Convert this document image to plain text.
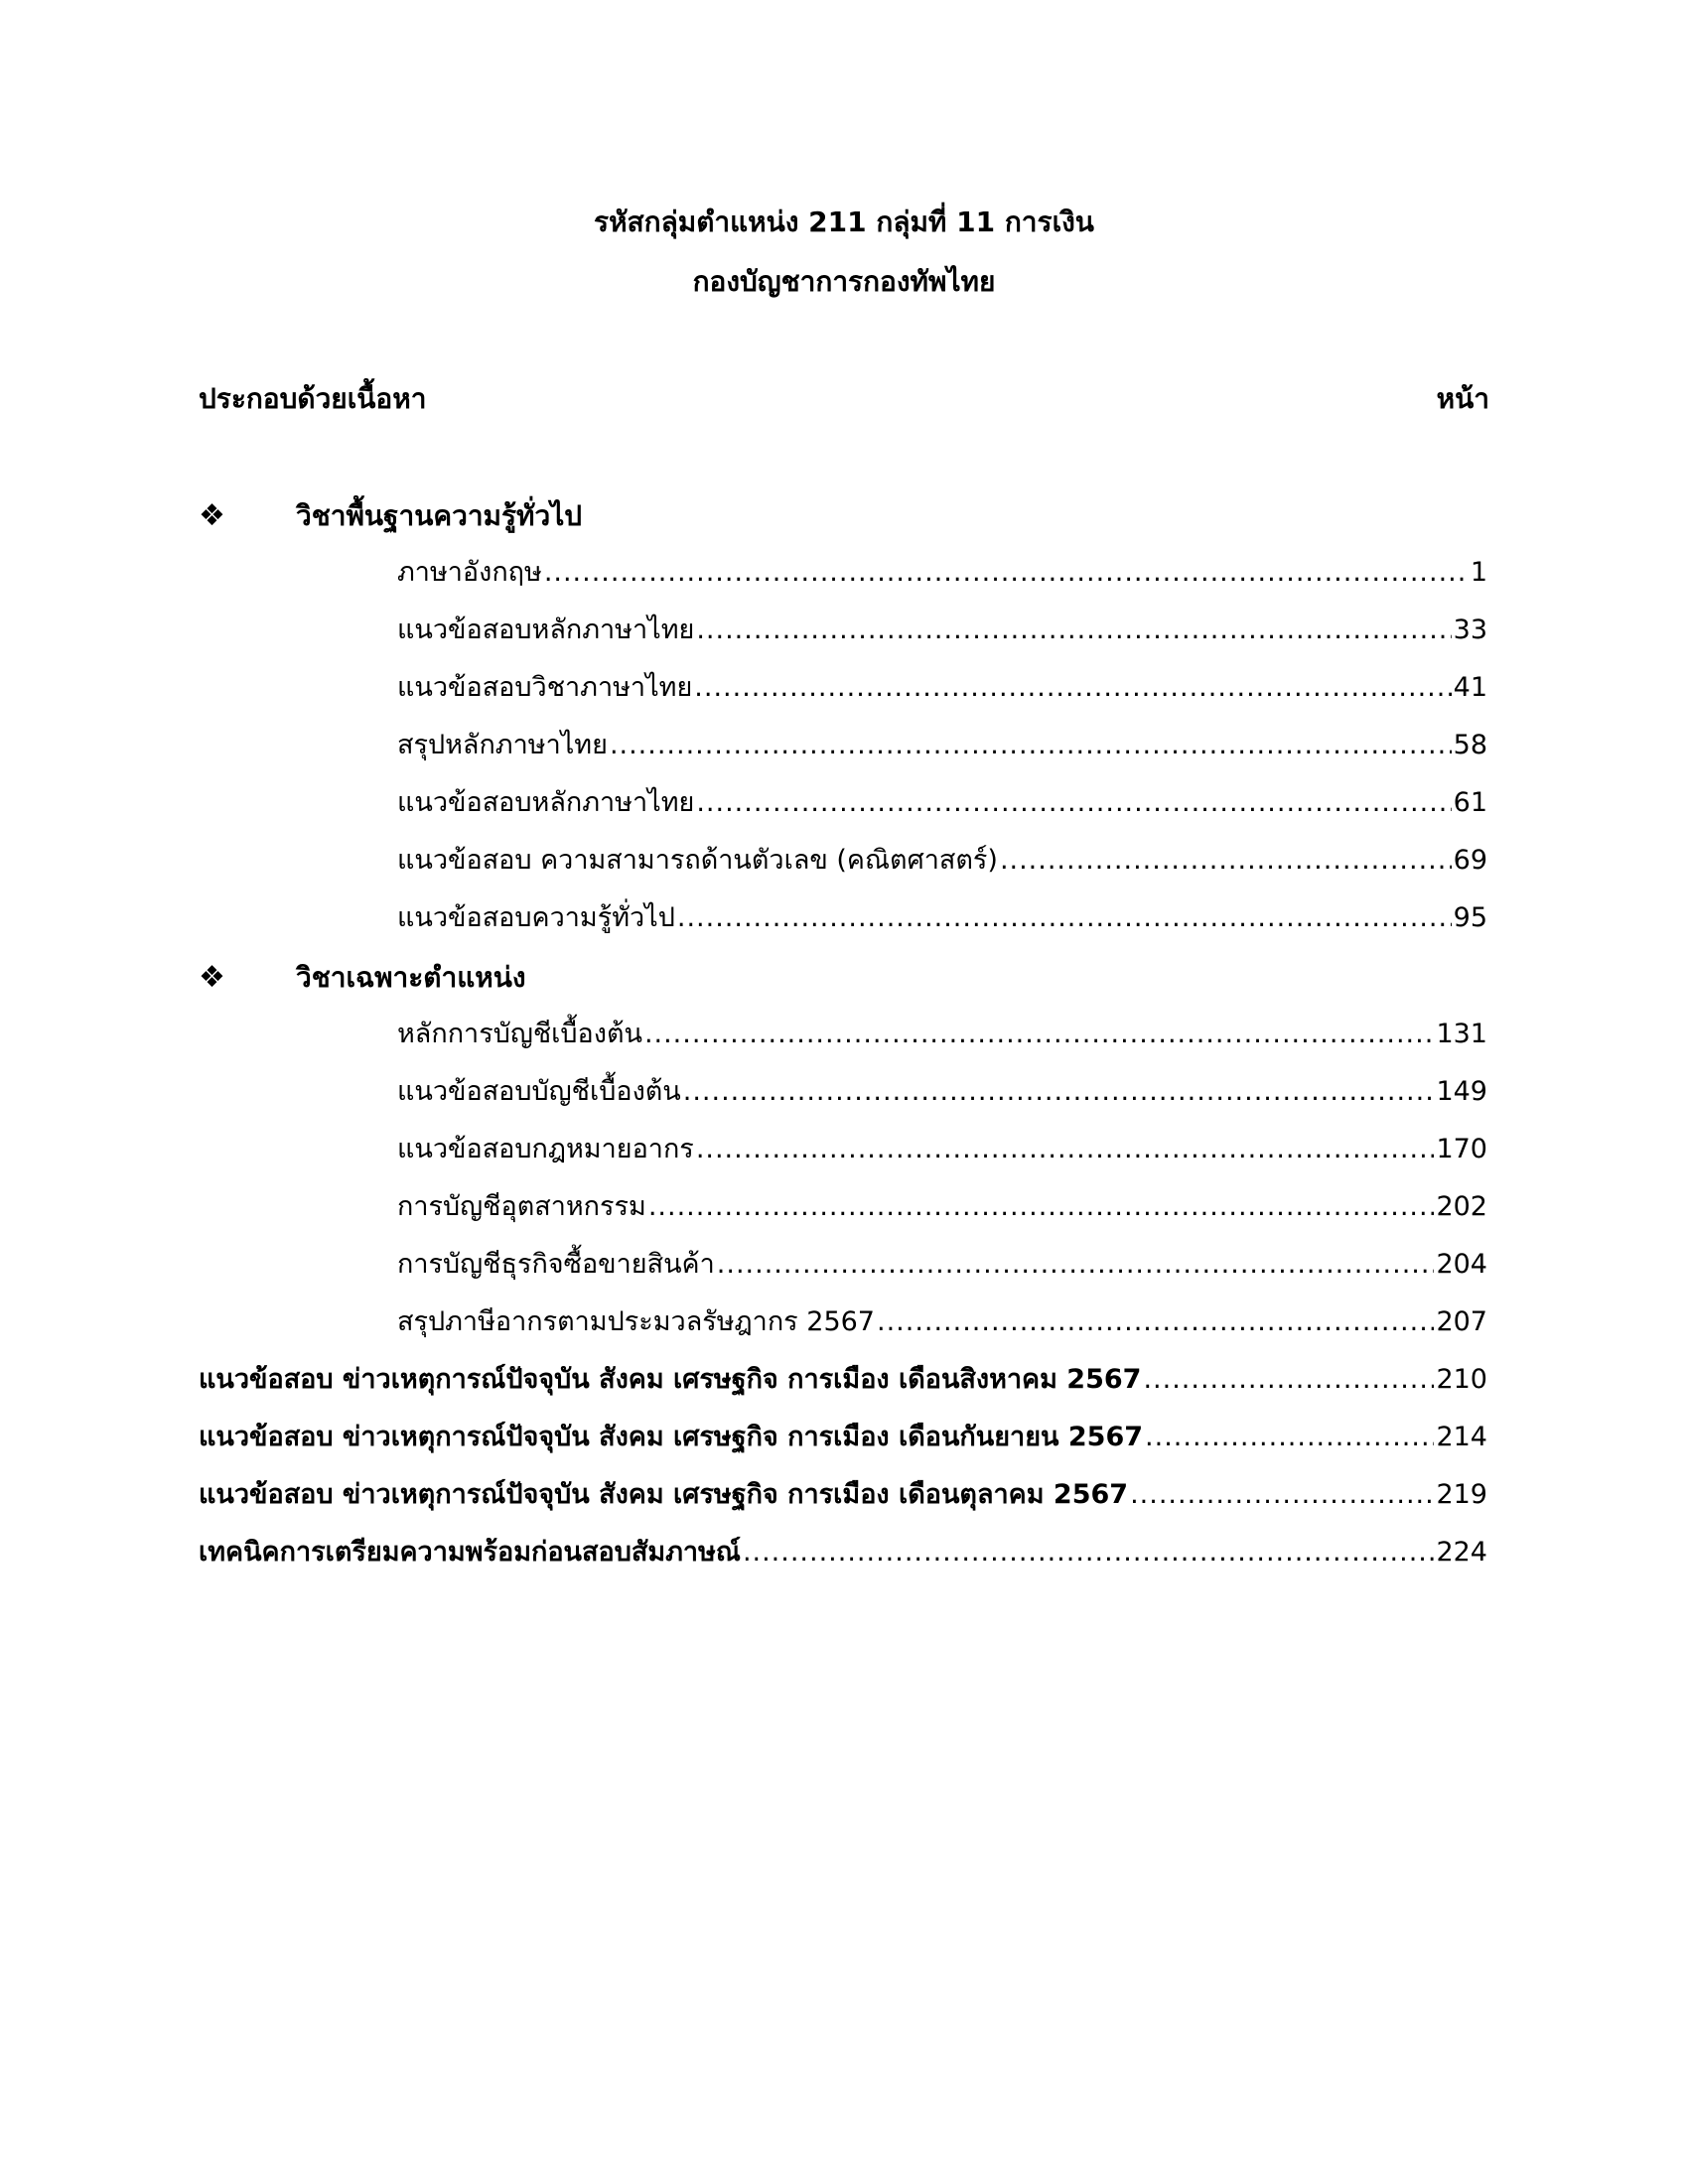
รหัสกลุ่มตำแหน่ง 211 กลุ่มที่ 11 การเงิน
กองบัญชาการกองทัพไทย
ประกอบด้วยเนื้อหา	หน้า
❖	วิชาพื้นฐานความรู้ทั่วไป
ภาษาอังกฤษ .....	1
แนวข้อสอบหลักภาษาไทย .....	33
แนวข้อสอบวิชาภาษาไทย .....	41
สรุปหลักภาษาไทย .....	58
แนวข้อสอบหลักภาษาไทย .....	61
แนวข้อสอบ ความสามารถด้านตัวเลข (คณิตศาสตร์) .....	69
แนวข้อสอบความรู้ทั่วไป .....	95
❖	วิชาเฉพาะตำแหน่ง
หลักการบัญชีเบื้องต้น .....	131
แนวข้อสอบบัญชีเบื้องต้น .....	149
แนวข้อสอบกฎหมายอากร .....	170
การบัญชีอุตสาหกรรม .....	202
การบัญชีธุรกิจซื้อขายสินค้า .....	204
สรุปภาษีอากรตามประมวลรัษฎากร 2567 .....	207
แนวข้อสอบ ข่าวเหตุการณ์ปัจจุบัน สังคม เศรษฐกิจ การเมือง เดือนสิงหาคม 2567 .....	210
แนวข้อสอบ ข่าวเหตุการณ์ปัจจุบัน สังคม เศรษฐกิจ การเมือง เดือนกันยายน 2567 .....	214
แนวข้อสอบ ข่าวเหตุการณ์ปัจจุบัน สังคม เศรษฐกิจ การเมือง เดือนตุลาคม 2567 .....	219
เทคนิคการเตรียมความพร้อมก่อนสอบสัมภาษณ์ .....	224
